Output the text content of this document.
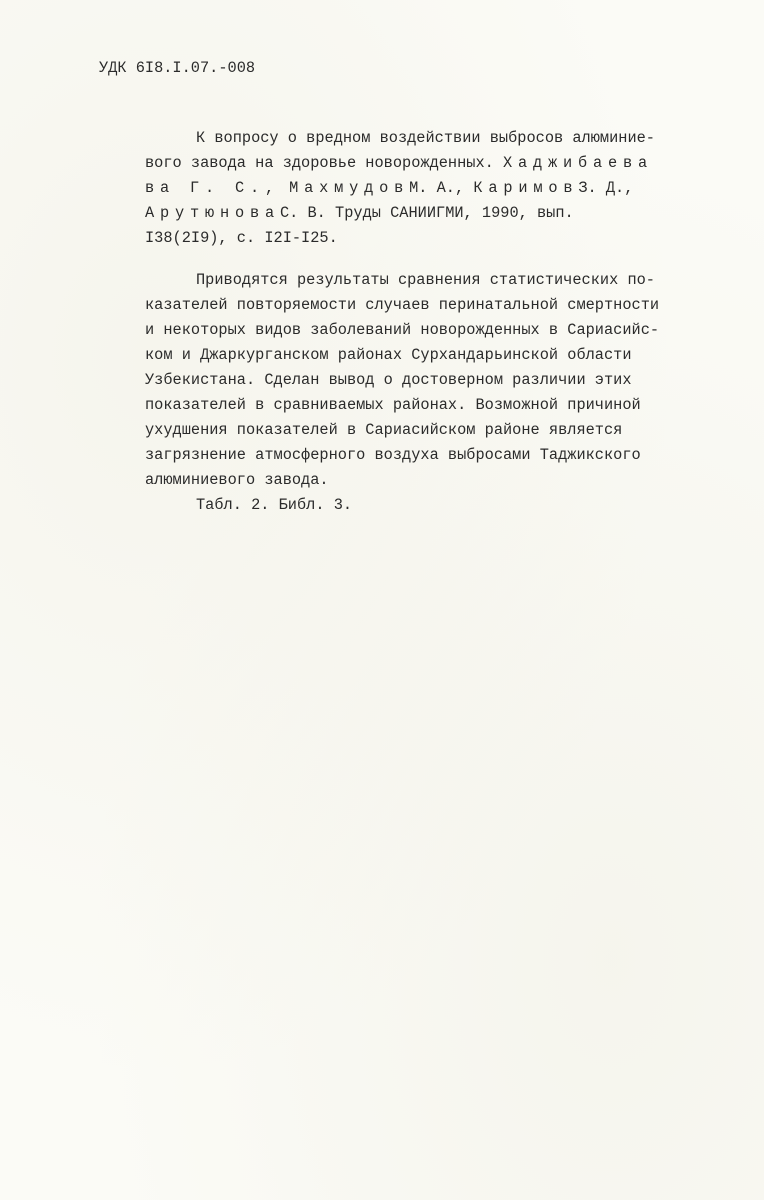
УДК 6I8.I.07.-008
К вопросу о вредном воздействии выбросов алюминие-
вого завода на здоровье новорожденных. Хаджибаева
ва Г. С., МахмудовМ. А., КаримовЗ. Д.,
АрутюноваС. В. Труды САНИИГМИ, 1990, вып.
I38(2I9), с. I2I-I25.
Приводятся результаты сравнения статистических по-
казателей повторяемости случаев перинатальной смертности
и некоторых видов заболеваний новорожденных в Сариасийс-
ком и Джаркурганском районах Сурхандарьинской области
Узбекистана. Сделан вывод о достоверном различии этих
показателей в сравниваемых районах. Возможной причиной
ухудшения показателей в Сариасийском районе является
загрязнение атмосферного воздуха выбросами Таджикского
алюминиевого завода.
Табл. 2. Библ. 3.
